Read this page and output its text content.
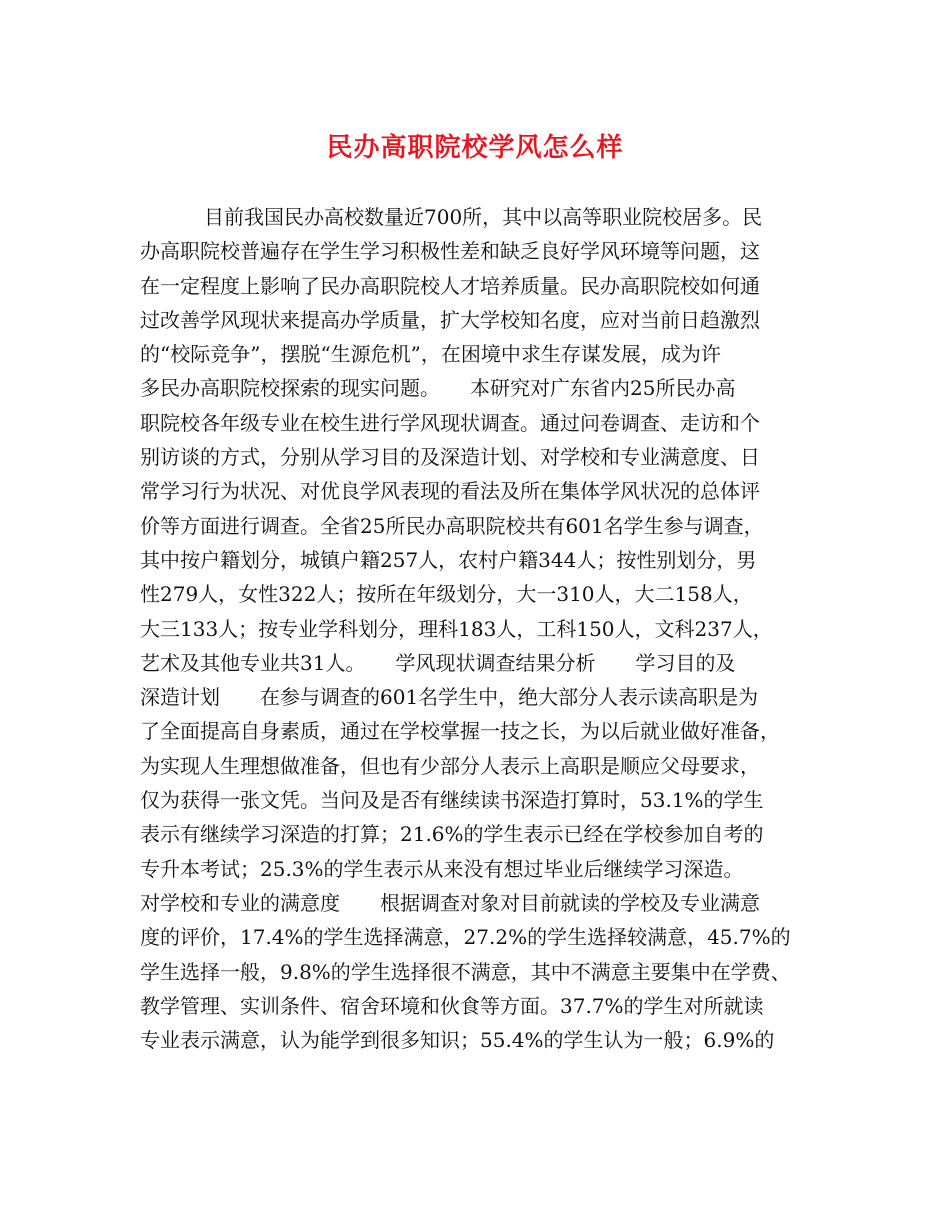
民办高职院校学风怎么样
目前我国民办高校数量近700所，其中以高等职业院校居多。民
办高职院校普遍存在学生学习积极性差和缺乏良好学风环境等问题，这
在一定程度上影响了民办高职院校人才培养质量。民办高职院校如何通
过改善学风现状来提高办学质量，扩大学校知名度，应对当前日趋激烈
的“校际竞争”，摆脱“生源危机”，在困境中求生存谋发展，成为许
多民办高职院校探索的现实问题。　　本研究对广东省内25所民办高
职院校各年级专业在校生进行学风现状调查。通过问卷调查、走访和个
别访谈的方式，分别从学习目的及深造计划、对学校和专业满意度、日
常学习行为状况、对优良学风表现的看法及所在集体学风状况的总体评
价等方面进行调查。全省25所民办高职院校共有601名学生参与调查，
其中按户籍划分，城镇户籍257人，农村户籍344人；按性别划分，男
性279人，女性322人；按所在年级划分，大一310人，大二158人，
大三133人；按专业学科划分，理科183人，工科150人，文科237人，
艺术及其他专业共31人。　　学风现状调查结果分析　　学习目的及
深造计划　　在参与调查的601名学生中，绝大部分人表示读高职是为
了全面提高自身素质，通过在学校掌握一技之长，为以后就业做好准备，
为实现人生理想做准备，但也有少部分人表示上高职是顺应父母要求，
仅为获得一张文凭。当问及是否有继续读书深造打算时，53.1%的学生
表示有继续学习深造的打算；21.6%的学生表示已经在学校参加自考的
专升本考试；25.3%的学生表示从来没有想过毕业后继续学习深造。
对学校和专业的满意度　　根据调查对象对目前就读的学校及专业满意
度的评价，17.4%的学生选择满意，27.2%的学生选择较满意，45.7%的
学生选择一般，9.8%的学生选择很不满意，其中不满意主要集中在学费、
教学管理、实训条件、宿舍环境和伙食等方面。37.7%的学生对所就读
专业表示满意，认为能学到很多知识；55.4%的学生认为一般；6.9%的
